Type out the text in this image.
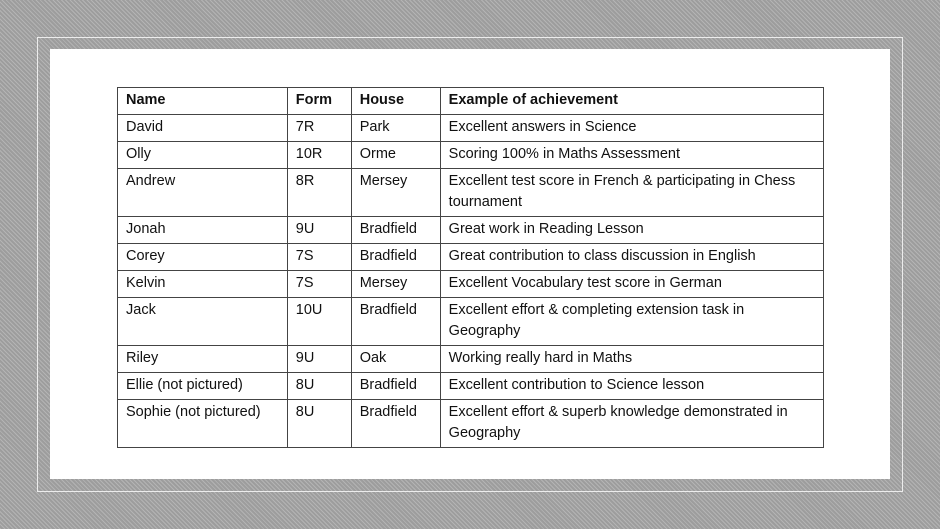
Name	Form	House	Example of achievement
David	7R	Park	Excellent answers in Science
Olly	10R	Orme	Scoring 100% in Maths Assessment
Andrew	8R	Mersey	Excellent test score in French & participating in Chess tournament
Jonah	9U	Bradfield	Great work in Reading Lesson
Corey	7S	Bradfield	Great contribution to class discussion in English
Kelvin	7S	Mersey	Excellent Vocabulary test score in German
Jack	10U	Bradfield	Excellent effort & completing extension task in Geography
Riley	9U	Oak	Working really hard in Maths
Ellie (not pictured)	8U	Bradfield	Excellent contribution to Science lesson
Sophie (not pictured)	8U	Bradfield	Excellent effort & superb knowledge demonstrated in Geography
